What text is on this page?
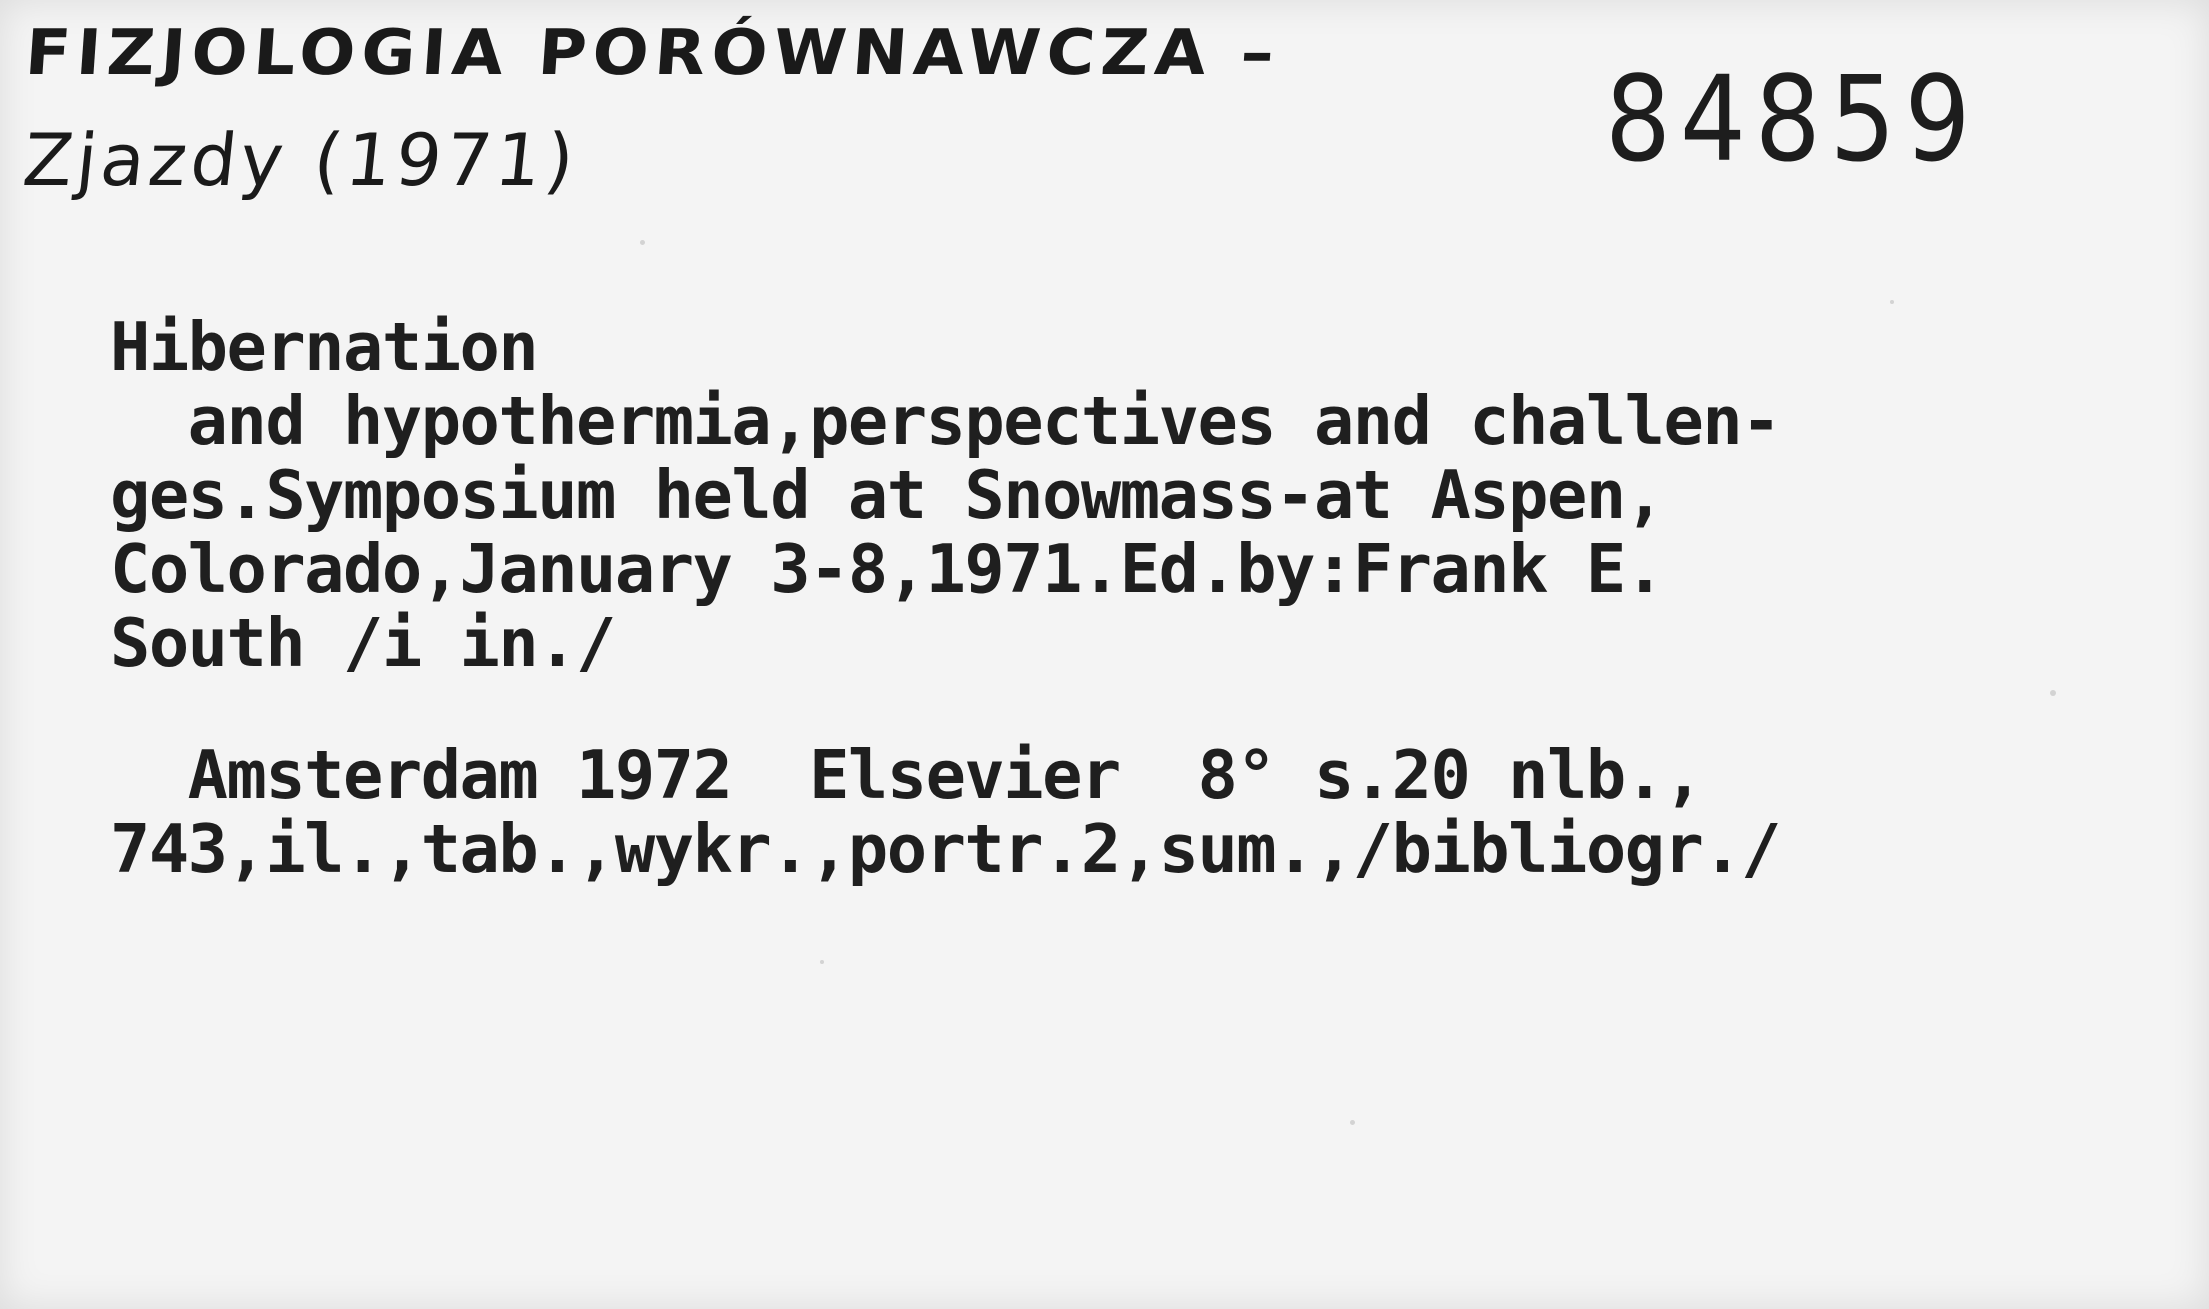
FIZJOLOGIA PORÓWNAWCZA –
Zjazdy (1971)	84859
Hibernation
and hypothermia,perspectives and challen-
ges.Symposium held at Snowmass-at Aspen,
Colorado,January 3-8,1971.Ed.by:Frank E.
South /i in./
Amsterdam 1972  Elsevier  8° s.20 nlb.,
743,il.,tab.,wykr.,portr.2,sum.,/bibliogr./
